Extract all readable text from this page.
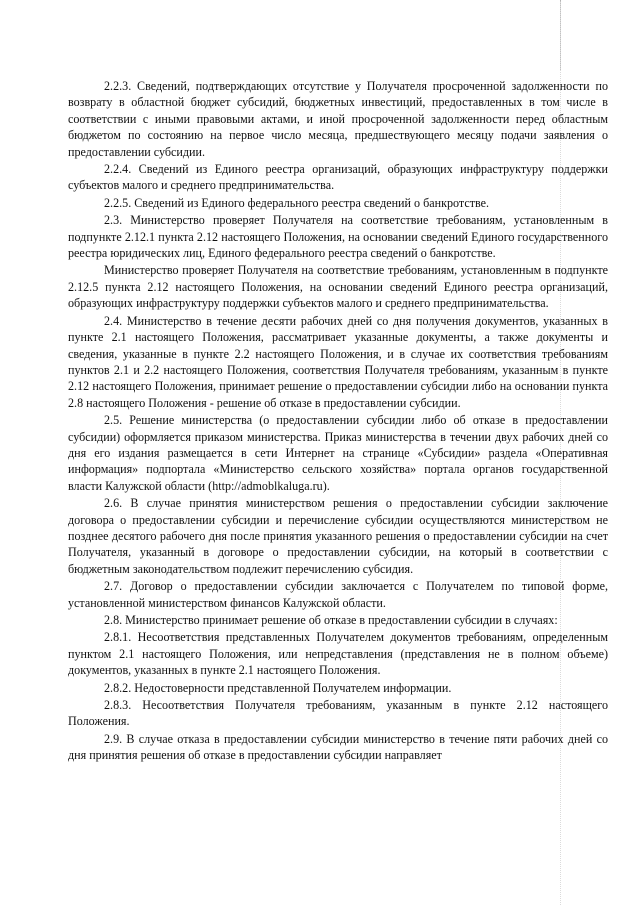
2.2.3. Сведений, подтверждающих отсутствие у Получателя просроченной задолженности по возврату в областной бюджет субсидий, бюджетных инвестиций, предоставленных в том числе в соответствии с иными правовыми актами, и иной просроченной задолженности перед областным бюджетом по состоянию на первое число месяца, предшествующего месяцу подачи заявления о предоставлении субсидии.

2.2.4. Сведений из Единого реестра организаций, образующих инфраструктуру поддержки субъектов малого и среднего предпринимательства.

2.2.5. Сведений из Единого федерального реестра сведений о банкротстве.

2.3. Министерство проверяет Получателя на соответствие требованиям, установленным в подпункте 2.12.1 пункта 2.12 настоящего Положения, на основании сведений Единого государственного реестра юридических лиц, Единого федерального реестра сведений о банкротстве.

Министерство проверяет Получателя на соответствие требованиям, установленным в подпункте 2.12.5 пункта 2.12 настоящего Положения, на основании сведений Единого реестра организаций, образующих инфраструктуру поддержки субъектов малого и среднего предпринимательства.

2.4. Министерство в течение десяти рабочих дней со дня получения документов, указанных в пункте 2.1 настоящего Положения, рассматривает указанные документы, а также документы и сведения, указанные в пункте 2.2 настоящего Положения, и в случае их соответствия требованиям пунктов 2.1 и 2.2 настоящего Положения, соответствия Получателя требованиям, указанным в пункте 2.12 настоящего Положения, принимает решение о предоставлении субсидии либо на основании пункта 2.8 настоящего Положения - решение об отказе в предоставлении субсидии.

2.5. Решение министерства (о предоставлении субсидии либо об отказе в предоставлении субсидии) оформляется приказом министерства. Приказ министерства в течении двух рабочих дней со дня его издания размещается в сети Интернет на странице «Субсидии» раздела «Оперативная информация» подпортала «Министерство сельского хозяйства» портала органов государственной власти Калужской области (http://admoblkaluga.ru).

2.6. В случае принятия министерством решения о предоставлении субсидии заключение договора о предоставлении субсидии и перечисление субсидии осуществляются министерством не позднее десятого рабочего дня после принятия указанного решения о предоставлении субсидии на счет Получателя, указанный в договоре о предоставлении субсидии, на который в соответствии с бюджетным законодательством подлежит перечислению субсидия.

2.7. Договор о предоставлении субсидии заключается с Получателем по типовой форме, установленной министерством финансов Калужской области.

2.8. Министерство принимает решение об отказе в предоставлении субсидии в случаях:

2.8.1. Несоответствия представленных Получателем документов требованиям, определенным пунктом 2.1 настоящего Положения, или непредставления (представления не в полном объеме) документов, указанных в пункте 2.1 настоящего Положения.

2.8.2. Недостоверности представленной Получателем информации.

2.8.3. Несоответствия Получателя требованиям, указанным в пункте 2.12 настоящего Положения.

2.9. В случае отказа в предоставлении субсидии министерство в течение пяти рабочих дней со дня принятия решения об отказе в предоставлении субсидии направляет
